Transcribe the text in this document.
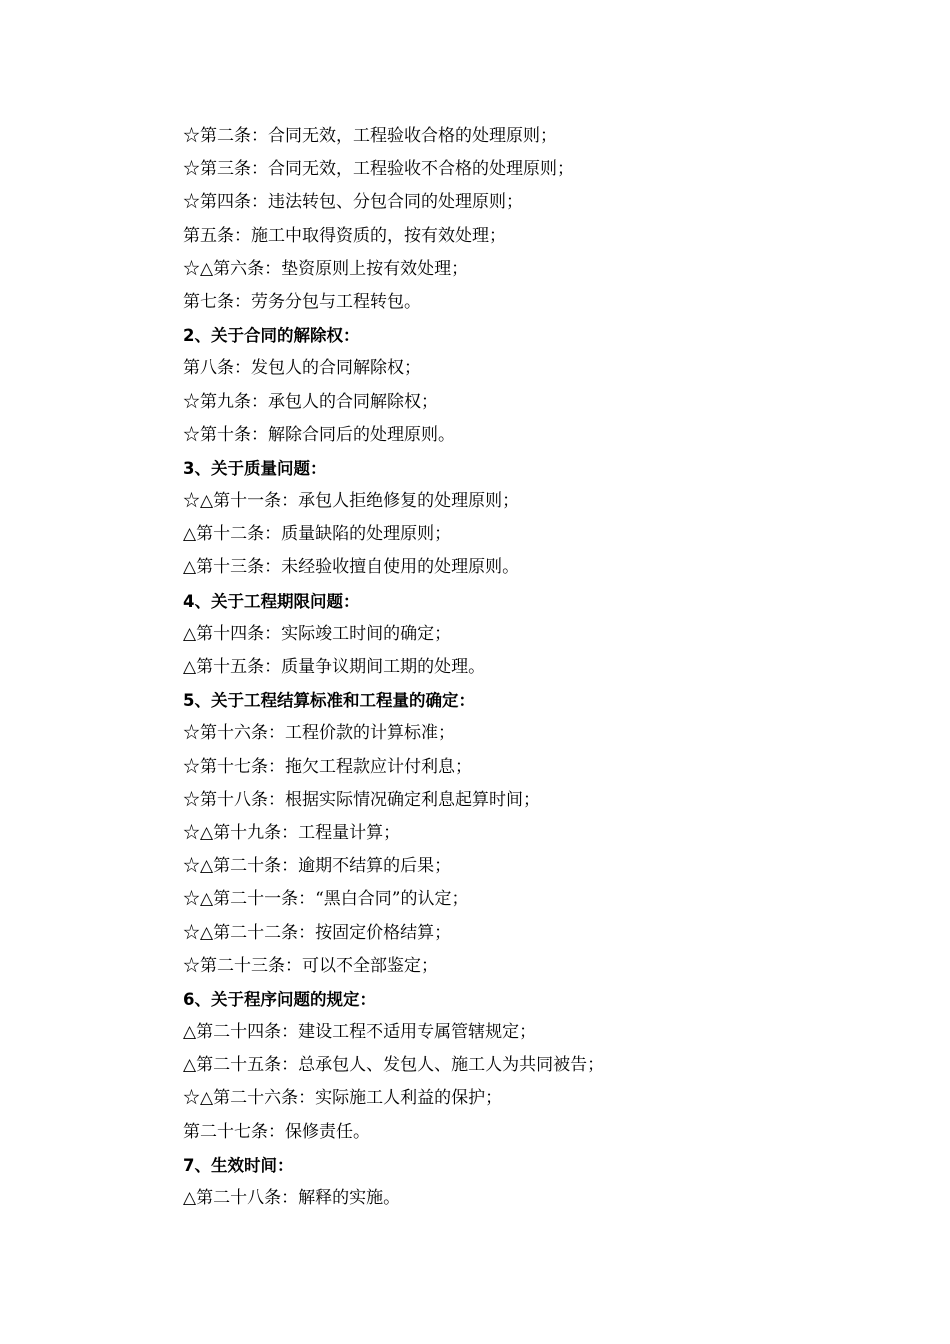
☆第二条：合同无效，工程验收合格的处理原则；
☆第三条：合同无效，工程验收不合格的处理原则；
☆第四条：违法转包、分包合同的处理原则；
第五条：施工中取得资质的，按有效处理；
☆△第六条：垫资原则上按有效处理；
第七条：劳务分包与工程转包。
2、关于合同的解除权：
第八条：发包人的合同解除权；
☆第九条：承包人的合同解除权；
☆第十条：解除合同后的处理原则。
3、关于质量问题：
☆△第十一条：承包人拒绝修复的处理原则；
△第十二条：质量缺陷的处理原则；
△第十三条：未经验收擅自使用的处理原则。
4、关于工程期限问题：
△第十四条：实际竣工时间的确定；
△第十五条：质量争议期间工期的处理。
5、关于工程结算标准和工程量的确定：
☆第十六条：工程价款的计算标准；
☆第十七条：拖欠工程款应计付利息；
☆第十八条：根据实际情况确定利息起算时间；
☆△第十九条：工程量计算；
☆△第二十条：逾期不结算的后果；
☆△第二十一条：“黑白合同”的认定；
☆△第二十二条：按固定价格结算；
☆第二十三条：可以不全部鉴定；
6、关于程序问题的规定：
△第二十四条：建设工程不适用专属管辖规定；
△第二十五条：总承包人、发包人、施工人为共同被告；
☆△第二十六条：实际施工人利益的保护；
第二十七条：保修责任。
7、生效时间：
△第二十八条：解释的实施。
